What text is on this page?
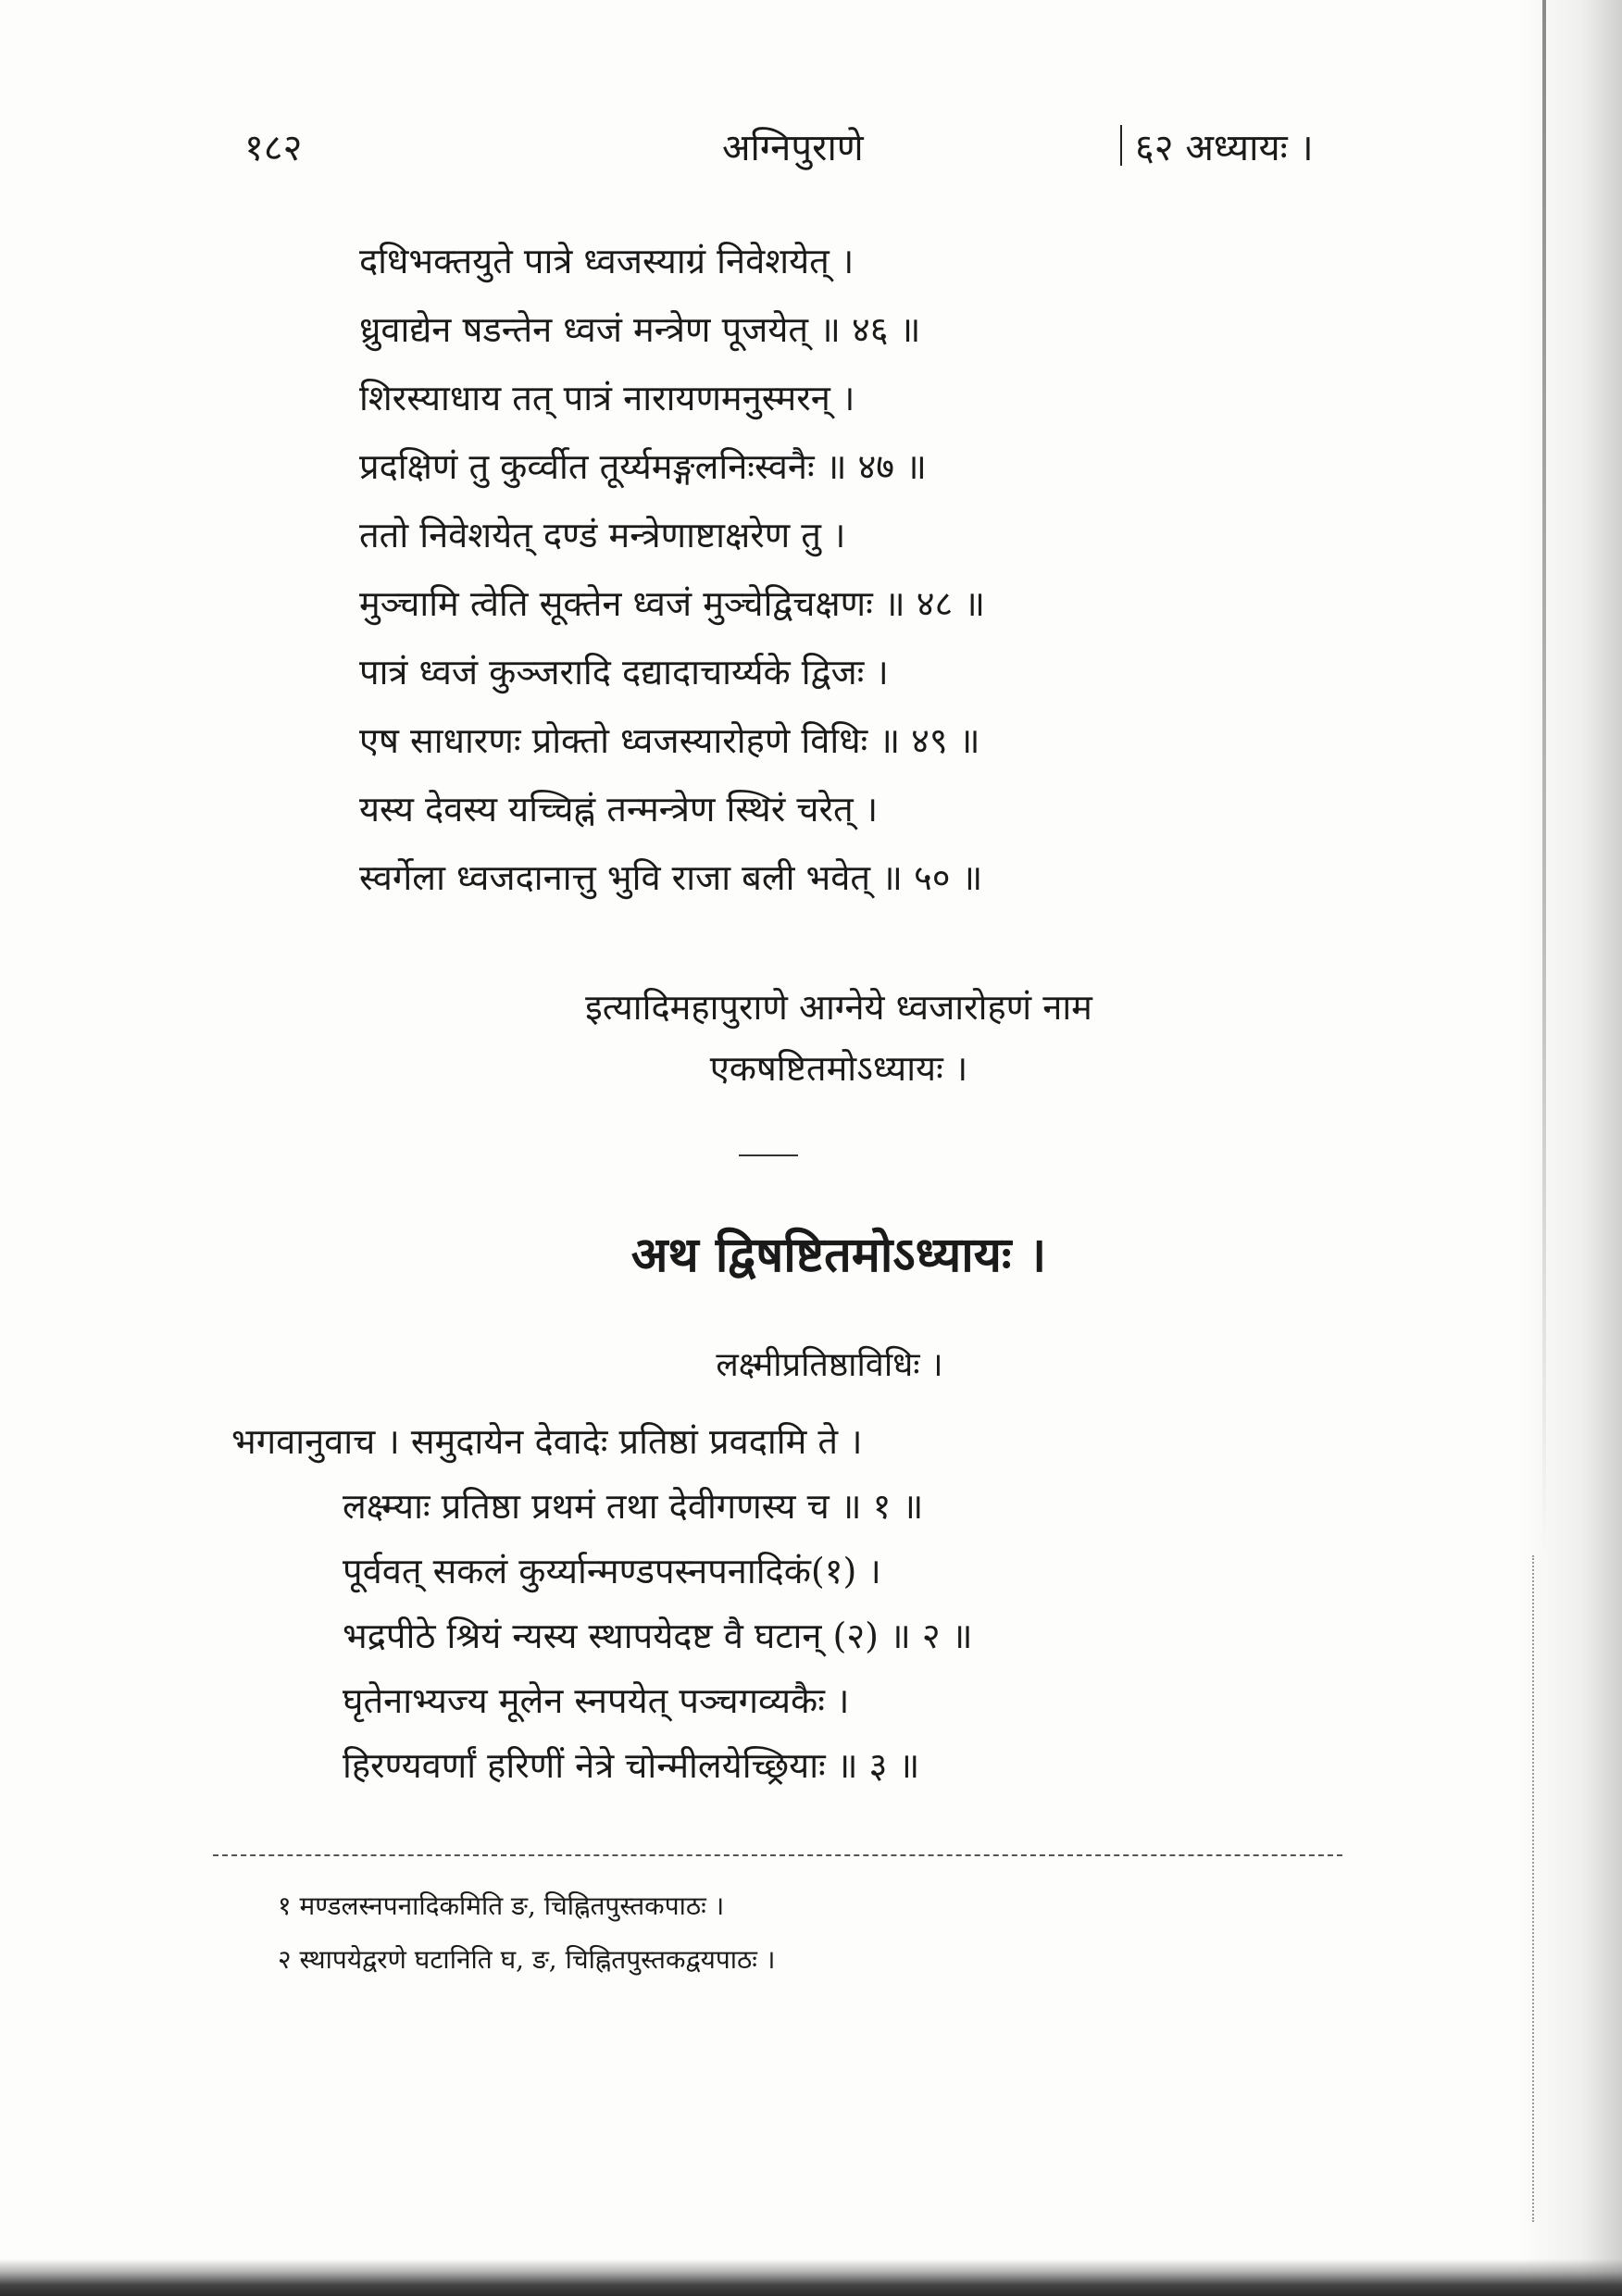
१८२	अग्निपुराणे	६२ अध्यायः ।
दधिभक्तयुते पात्रे ध्वजस्याग्रं निवेशयेत् ।
ध्रुवाद्येन षडन्तेन ध्वजं मन्त्रेण पूजयेत् ॥ ४६ ॥
शिरस्याधाय तत् पात्रं नारायणमनुस्मरन् ।
प्रदक्षिणं तु कुर्व्वीत तूर्य्यमङ्गलनिःस्वनैः ॥ ४७ ॥
ततो निवेशयेत् दण्डं मन्त्रेणाष्टाक्षरेण तु ।
मुञ्चामि त्वेति सूक्तेन ध्वजं मुञ्चेद्विचक्षणः ॥ ४८ ॥
पात्रं ध्वजं कुञ्जरादि दद्यादाचार्य्यके द्विजः ।
एष साधारणः प्रोक्तो ध्वजस्यारोहणे विधिः ॥ ४९ ॥
यस्य देवस्य यच्चिह्नं तन्मन्त्रेण स्थिरं चरेत् ।
स्वर्गेला ध्वजदानात्तु भुवि राजा बली भवेत् ॥ ५० ॥
इत्यादिमहापुराणे आग्नेये ध्वजारोहणं नाम
एकषष्टितमोऽध्यायः ।
अथ द्विषष्टितमोऽध्यायः ।
लक्ष्मीप्रतिष्ठाविधिः ।
भगवानुवाच । समुदायेन देवादेः प्रतिष्ठां प्रवदामि ते ।
लक्ष्म्याः प्रतिष्ठा प्रथमं तथा देवीगणस्य च ॥ १ ॥
पूर्ववत् सकलं कुर्य्यान्मण्डपस्नपनादिकं(१) ।
भद्रपीठे श्रियं न्यस्य स्थापयेदष्ट वै घटान् (२) ॥ २ ॥
घृतेनाभ्यज्य मूलेन स्नपयेत् पञ्चगव्यकैः ।
हिरण्यवर्णां हरिणीं नेत्रे चोन्मीलयेच्छ्रियाः ॥ ३ ॥
१ मण्डलस्नपनादिकमिति ङ, चिह्नितपुस्तकपाठः ।
२ स्थापयेद्वरणे घटानिति घ, ङ, चिह्नितपुस्तकद्वयपाठः ।
